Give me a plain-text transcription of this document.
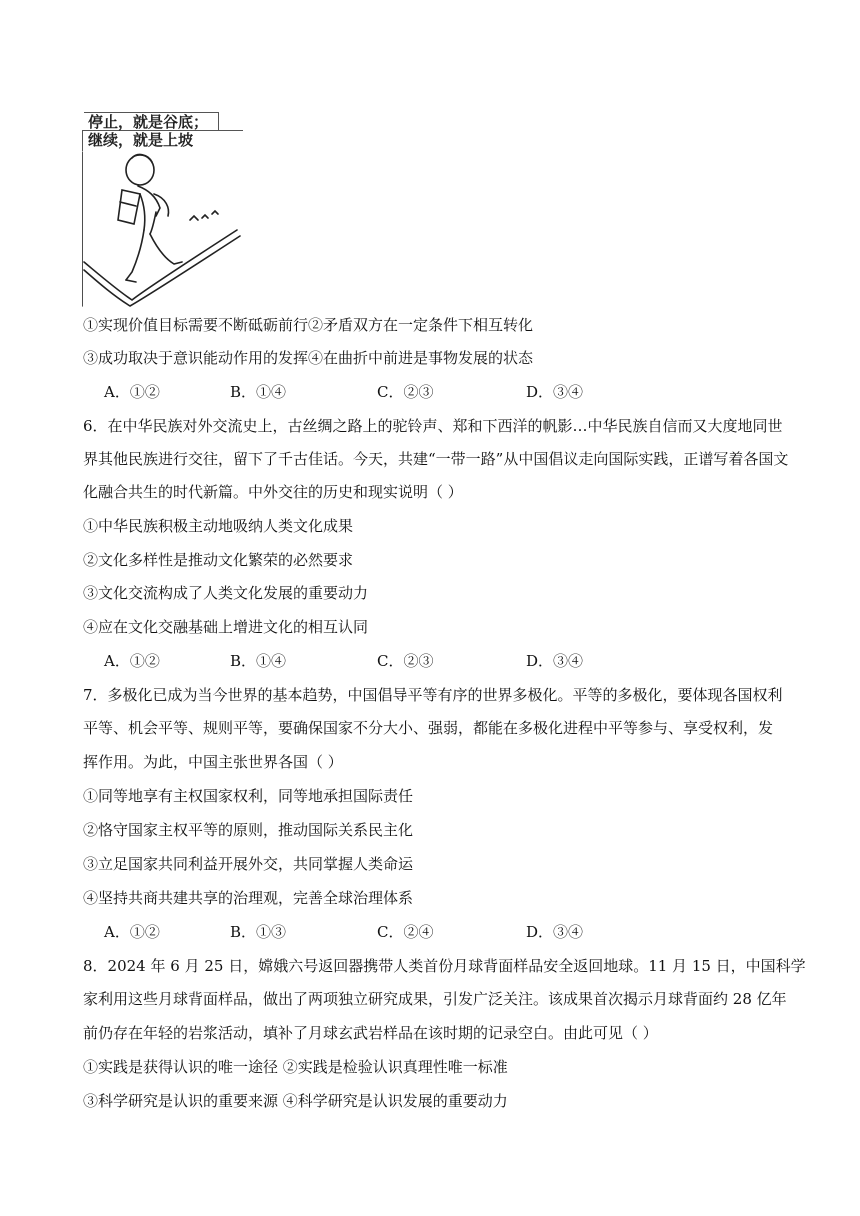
停止，就是谷底；
继续，就是上坡
①实现价值目标需要不断砥砺前行②矛盾双方在一定条件下相互转化
③成功取决于意识能动作用的发挥④在曲折中前进是事物发展的状态
A．①②	B．①④	C．②③	D．③④
6．在中华民族对外交流史上，古丝绸之路上的驼铃声、郑和下西洋的帆影…中华民族自信而又大度地同世
界其他民族进行交往，留下了千古佳话。今天，共建“一带一路”从中国倡议走向国际实践，正谱写着各国文
化融合共生的时代新篇。中外交往的历史和现实说明（ ）
①中华民族积极主动地吸纳人类文化成果
②文化多样性是推动文化繁荣的必然要求
③文化交流构成了人类文化发展的重要动力
④应在文化交融基础上增进文化的相互认同
A．①②	B．①④	C．②③	D．③④
7．多极化已成为当今世界的基本趋势，中国倡导平等有序的世界多极化。平等的多极化，要体现各国权利
平等、机会平等、规则平等，要确保国家不分大小、强弱，都能在多极化进程中平等参与、享受权利，发
挥作用。为此，中国主张世界各国（ ）
①同等地享有主权国家权利，同等地承担国际责任
②恪守国家主权平等的原则，推动国际关系民主化
③立足国家共同利益开展外交，共同掌握人类命运
④坚持共商共建共享的治理观，完善全球治理体系
A．①②	B．①③	C．②④	D．③④
8．2024 年 6 月 25 日，嫦娥六号返回器携带人类首份月球背面样品安全返回地球。11 月 15 日，中国科学
家利用这些月球背面样品，做出了两项独立研究成果，引发广泛关注。该成果首次揭示月球背面约 28 亿年
前仍存在年轻的岩浆活动，填补了月球玄武岩样品在该时期的记录空白。由此可见（ ）
①实践是获得认识的唯一途径 ②实践是检验认识真理性唯一标准
③科学研究是认识的重要来源 ④科学研究是认识发展的重要动力
